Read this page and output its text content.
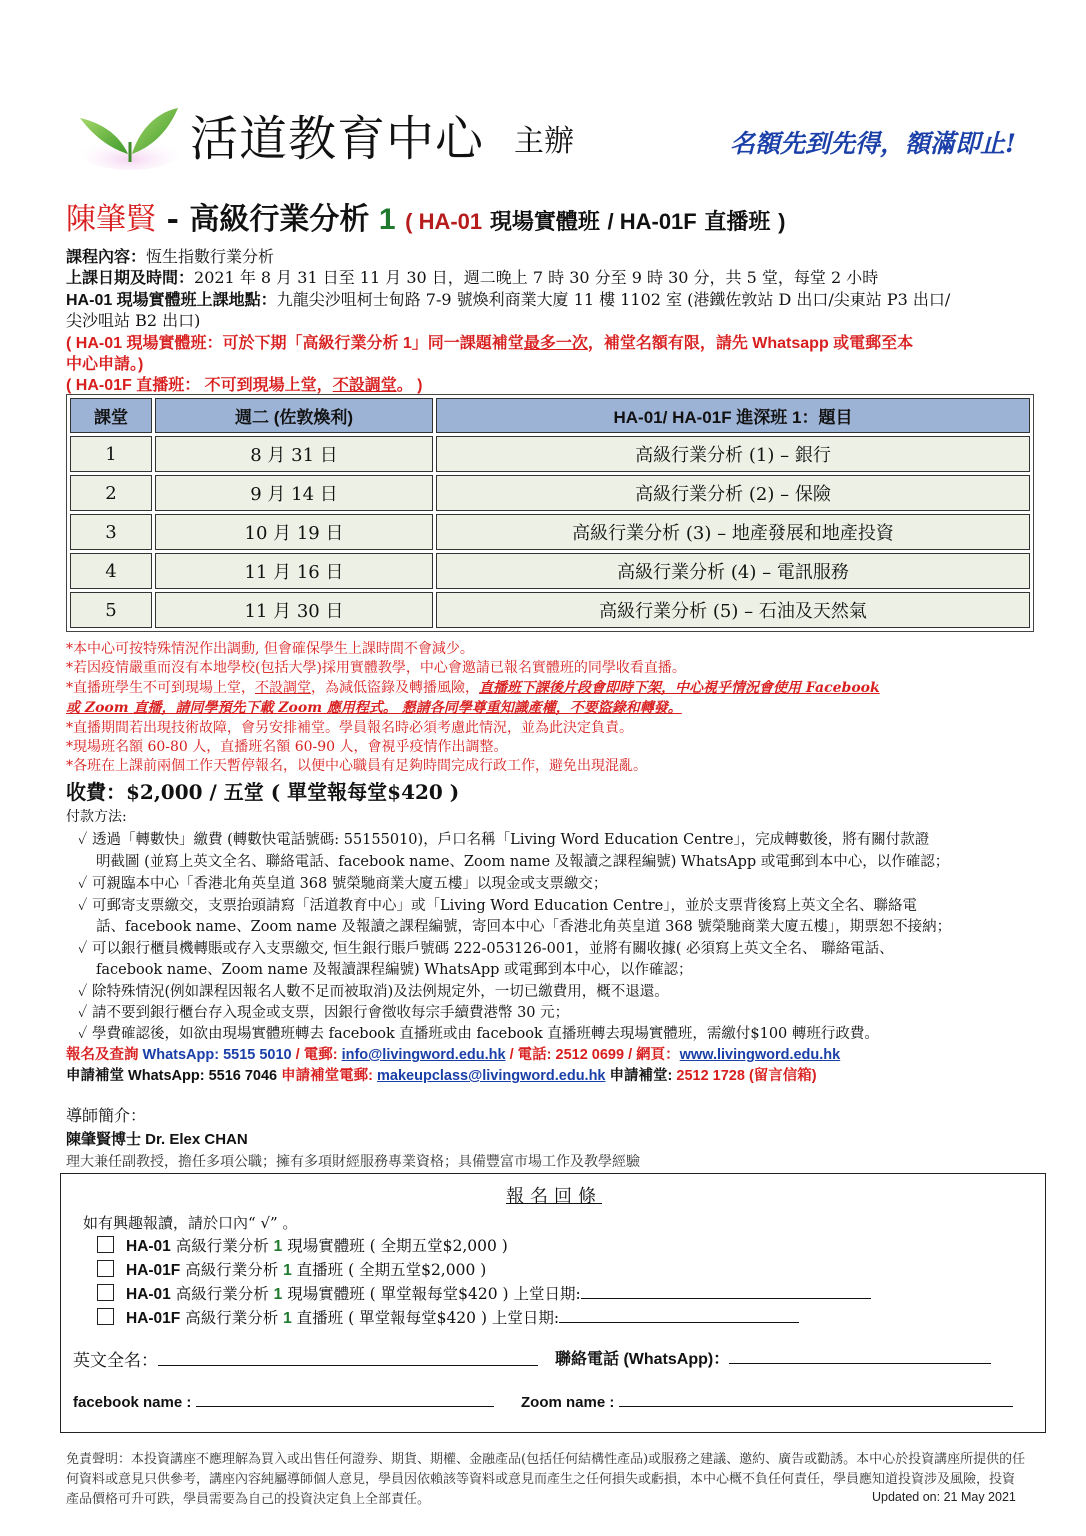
活道教育中心 主辦	名額先到先得，額滿即止!
陳肇賢 - 高級行業分析 1 ( HA-01 現場實體班 / HA-01F 直播班 )
課程內容：恆生指數行業分析
上課日期及時間：2021 年 8 月 31 日至 11 月 30 日，週二晚上 7 時 30 分至 9 時 30 分，共 5 堂，每堂 2 小時
HA-01 現場實體班上課地點：九龍尖沙咀柯士甸路 7-9 號煥利商業大廈 11 樓 1102 室 (港鐵佐敦站 D 出口/尖東站 P3 出口/
尖沙咀站 B2 出口)
( HA-01 現場實體班：可於下期「高級行業分析 1」同一課題補堂最多一次，補堂名額有限，請先 Whatsapp 或電郵至本
中心申請。)
( HA-01F 直播班： 不可到現場上堂，不設調堂。 )
課堂	週二 (佐敦煥利)	HA-01/ HA-01F 進深班 1：題目
1	8 月 31 日	高級行業分析 (1) – 銀行
2	9 月 14 日	高級行業分析 (2) – 保險
3	10 月 19 日	高級行業分析 (3) – 地產發展和地產投資
4	11 月 16 日	高級行業分析 (4) – 電訊服務
5	11 月 30 日	高級行業分析 (5) – 石油及天然氣
*本中心可按特殊情況作出調動, 但會確保學生上課時間不會減少。
*若因疫情嚴重而沒有本地學校(包括大學)採用實體教學，中心會邀請已報名實體班的同學收看直播。
*直播班學生不可到現場上堂，不設調堂，為減低盜錄及轉播風險，直播班下課後片段會即時下架，中心視乎情況會使用 Facebook
或 Zoom 直播，請同學預先下載 Zoom 應用程式。 懇請各同學尊重知識產權，不要盜錄和轉發。
*直播期間若出現技術故障，會另安排補堂。學員報名時必須考慮此情況，並為此決定負責。
*現場班名額 60-80 人，直播班名額 60-90 人，會視乎疫情作出調整。
*各班在上課前兩個工作天暫停報名，以便中心職員有足夠時間完成行政工作，避免出現混亂。
收費：$2,000 / 五堂 ( 單堂報每堂$420 )
付款方法:
✓ 透過「轉數快」繳費 (轉數快電話號碼: 55155010)，戶口名稱「Living Word Education Centre」，完成轉數後，將有關付款證
明截圖 (並寫上英文全名、聯絡電話、facebook name、Zoom name 及報讀之課程編號) WhatsApp 或電郵到本中心，以作確認；
✓ 可親臨本中心「香港北角英皇道 368 號榮馳商業大廈五樓」以現金或支票繳交；
✓ 可郵寄支票繳交，支票抬頭請寫「活道教育中心」或「Living Word Education Centre」，並於支票背後寫上英文全名、聯絡電
話、facebook name、Zoom name 及報讀之課程編號，寄回本中心「香港北角英皇道 368 號榮馳商業大廈五樓」，期票恕不接納；
✓ 可以銀行櫃員機轉賬或存入支票繳交, 恒生銀行賬戶號碼 222-053126-001，並將有關收據( 必須寫上英文全名、 聯絡電話、
facebook name、Zoom name 及報讀課程編號) WhatsApp 或電郵到本中心，以作確認；
✓ 除特殊情況(例如課程因報名人數不足而被取消)及法例規定外，一切已繳費用，概不退還。
✓ 請不要到銀行櫃台存入現金或支票，因銀行會徵收每宗手續費港幣 30 元；
✓ 學費確認後，如欲由現場實體班轉去 facebook 直播班或由 facebook 直播班轉去現場實體班，需繳付$100 轉班行政費。
報名及查詢 WhatsApp: 5515 5010 / 電郵: info@livingword.edu.hk / 電話: 2512 0699 / 網頁：www.livingword.edu.hk
申請補堂 WhatsApp: 5516 7046 申請補堂電郵: makeupclass@livingword.edu.hk 申請補堂: 2512 1728 (留言信箱)
導師簡介：
陳肇賢博士 Dr. Elex CHAN
理大兼任副教授，擔任多項公職；擁有多項財經服務專業資格；具備豐富市場工作及教學經驗
報名回條
如有興趣報讀，請於口內“ √” 。
HA-01 高級行業分析 1 現場實體班 ( 全期五堂$2,000 )
HA-01F 高級行業分析 1 直播班 ( 全期五堂$2,000 )
HA-01 高級行業分析 1 現場實體班 ( 單堂報每堂$420 ) 上堂日期:
HA-01F 高級行業分析 1 直播班 ( 單堂報每堂$420 ) 上堂日期:
英文全名：	聯絡電話 (WhatsApp)：
facebook name :	Zoom name :
免責聲明：本投資講座不應理解為買入或出售任何證券、期貨、期權、金融產品(包括任何結構性產品)或服務之建議、邀約、廣告或勸誘。本中心於投資講座所提供的任何資料或意見只供參考，講座內容純屬導師個人意見，學員因依賴該等資料或意見而產生之任何損失或虧損，本中心概不負任何責任，學員應知道投資涉及風險，投資產品價格可升可跌，學員需要為自己的投資決定負上全部責任。	Updated on: 21 May 2021
